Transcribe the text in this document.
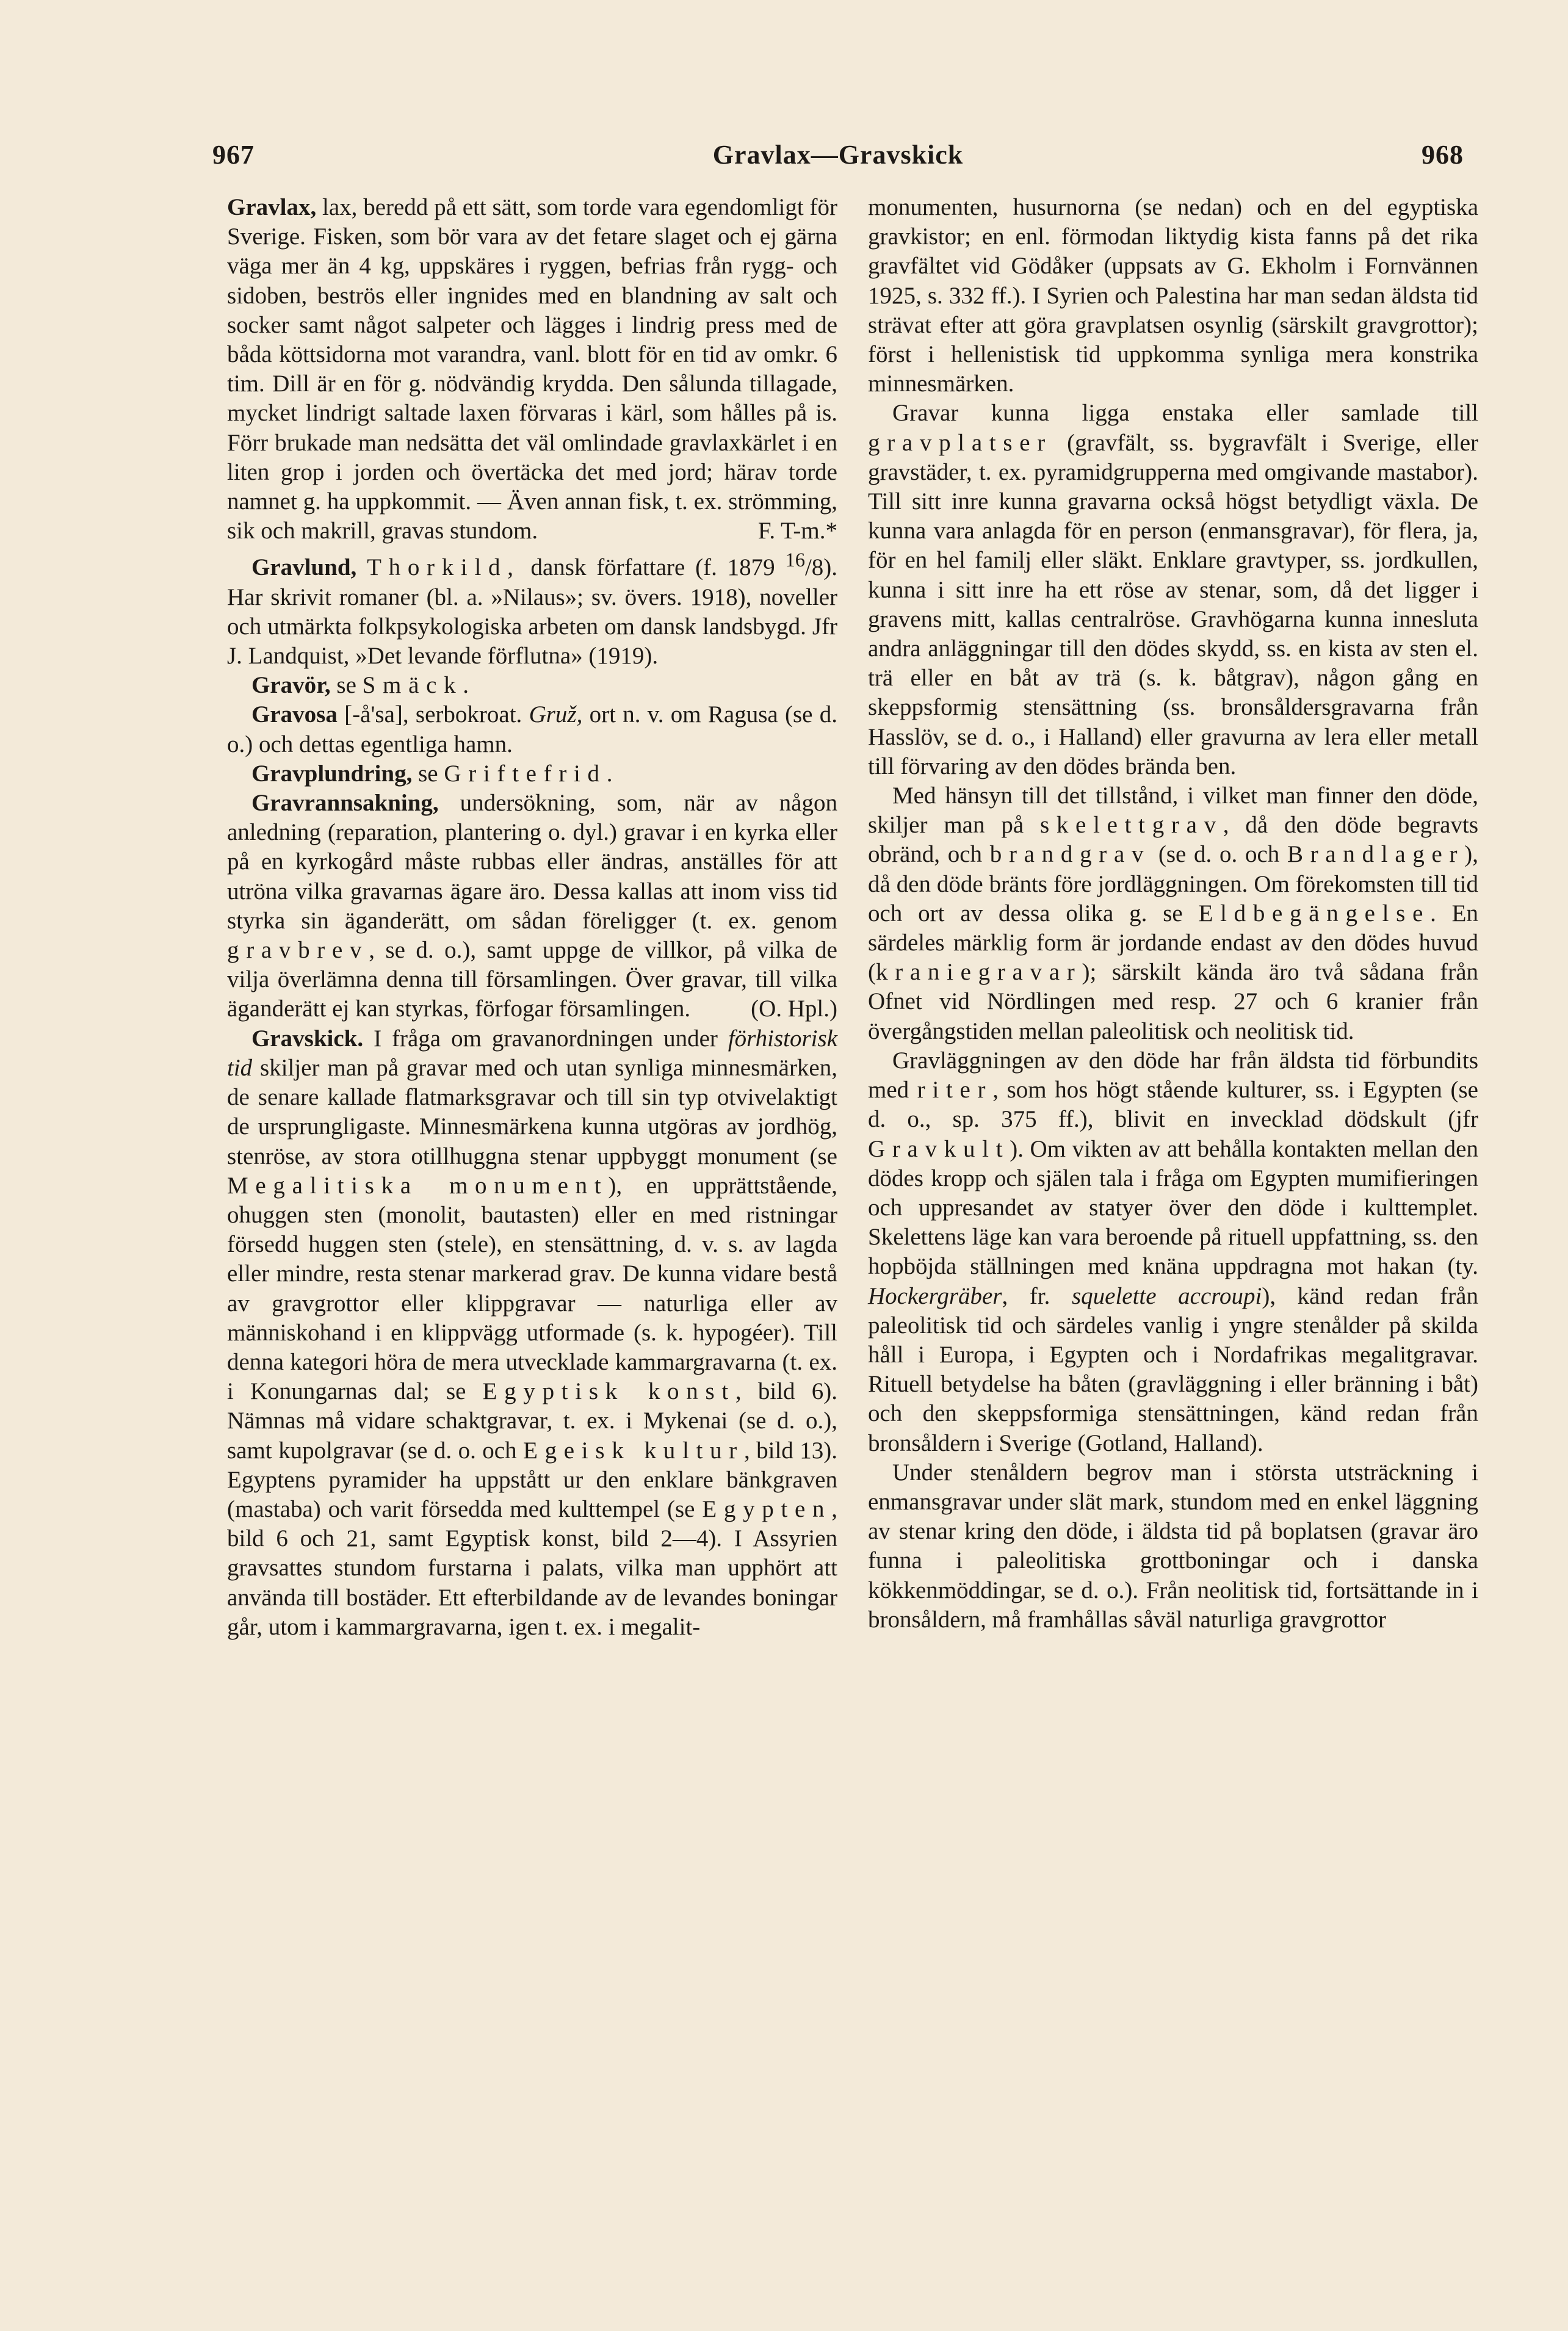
967	Gravlax—Gravskick	968

Gravlax, lax, beredd på ett sätt, som torde vara egendomligt för Sverige. Fisken, som bör vara av det fetare slaget och ej gärna väga mer än 4 kg, uppskäres i ryggen, befrias från rygg- och sidoben, beströs eller ingnides med en blandning av salt och socker samt något salpeter och lägges i lindrig press med de båda köttsidorna mot varandra, vanl. blott för en tid av omkr. 6 tim. Dill är en för g. nödvändig krydda. Den sålunda tillagade, mycket lindrigt saltade laxen förvaras i kärl, som hålles på is. Förr brukade man nedsätta det väl omlindade gravlaxkärlet i en liten grop i jorden och övertäcka det med jord; härav torde namnet g. ha uppkommit. — Även annan fisk, t. ex. strömming, sik och makrill, gravas stundom.	F. T-m.*

Gravlund, Thorkild, dansk författare (f. 1879 $^{16}$/8). Har skrivit romaner (bl. a. »Nilaus»; sv. övers. 1918), noveller och utmärkta folkpsykologiska arbeten om dansk landsbygd. Jfr J. Landquist, »Det levande förflutna» (1919).

Gravör, se Smäck.

Gravosa [-å'sa], serbokroat. Gruž, ort n. v. om Ragusa (se d. o.) och dettas egentliga hamn.

Gravplundring, se Griftefrid.

Gravrannsakning, undersökning, som, när av någon anledning (reparation, plantering o. dyl.) gravar i en kyrka eller på en kyrkogård måste rubbas eller ändras, anställes för att utröna vilka gravarnas ägare äro. Dessa kallas att inom viss tid styrka sin äganderätt, om sådan föreligger (t. ex. genom gravbrev, se d. o.), samt uppge de villkor, på vilka de vilja överlämna denna till församlingen. Över gravar, till vilka äganderätt ej kan styrkas, förfogar församlingen.	(O. Hpl.)

Gravskick. I fråga om gravanordningen under förhistorisk tid skiljer man på gravar med och utan synliga minnesmärken, de senare kallade flatmarksgravar och till sin typ otvivelaktigt de ursprungligaste. Minnesmärkena kunna utgöras av jordhög, stenröse, av stora otillhuggna stenar uppbyggt monument (se Megalitiska monument), en upprättstående, ohuggen sten (monolit, bautasten) eller en med ristningar försedd huggen sten (stele), en stensättning, d. v. s. av lagda eller mindre, resta stenar markerad grav. De kunna vidare bestå av gravgrottor eller klippgravar — naturliga eller av människohand i en klippvägg utformade (s. k. hypogéer). Till denna kategori höra de mera utvecklade kammargravarna (t. ex. i Konungarnas dal; se Egyptisk konst, bild 6). Nämnas må vidare schaktgravar, t. ex. i Mykenai (se d. o.), samt kupolgravar (se d. o. och Egeisk kultur, bild 13). Egyptens pyramider ha uppstått ur den enklare bänkgraven (mastaba) och varit försedda med kulttempel (se Egypten, bild 6 och 21, samt Egyptisk konst, bild 2—4). I Assyrien gravsattes stundom furstarna i palats, vilka man upphört att använda till bostäder. Ett efterbildande av de levandes boningar går, utom i kammargravarna, igen t. ex. i megalit-

monumenten, husurnorna (se nedan) och en del egyptiska gravkistor; en enl. förmodan liktydig kista fanns på det rika gravfältet vid Gödåker (uppsats av G. Ekholm i Fornvännen 1925, s. 332 ff.). I Syrien och Palestina har man sedan äldsta tid strävat efter att göra gravplatsen osynlig (särskilt gravgrottor); först i hellenistisk tid uppkomma synliga mera konstrika minnesmärken.

Gravar kunna ligga enstaka eller samlade till gravplatser (gravfält, ss. bygravfält i Sverige, eller gravstäder, t. ex. pyramidgrupperna med omgivande mastabor). Till sitt inre kunna gravarna också högst betydligt växla. De kunna vara anlagda för en person (enmansgravar), för flera, ja, för en hel familj eller släkt. Enklare gravtyper, ss. jordkullen, kunna i sitt inre ha ett röse av stenar, som, då det ligger i gravens mitt, kallas centralröse. Gravhögarna kunna innesluta andra anläggningar till den dödes skydd, ss. en kista av sten el. trä eller en båt av trä (s. k. båtgrav), någon gång en skeppsformig stensättning (ss. bronsåldersgravarna från Hasslöv, se d. o., i Halland) eller gravurna av lera eller metall till förvaring av den dödes brända ben.

Med hänsyn till det tillstånd, i vilket man finner den döde, skiljer man på skelettgrav, då den döde begravts obränd, och brandgrav (se d. o. och Brandlager), då den döde bränts före jordläggningen. Om förekomsten till tid och ort av dessa olika g. se Eldbegängelse. En särdeles märklig form är jordande endast av den dödes huvud (kraniegravar); särskilt kända äro två sådana från Ofnet vid Nördlingen med resp. 27 och 6 kranier från övergångstiden mellan paleolitisk och neolitisk tid.

Gravläggningen av den döde har från äldsta tid förbundits med riter, som hos högt stående kulturer, ss. i Egypten (se d. o., sp. 375 ff.), blivit en invecklad dödskult (jfr Gravkult). Om vikten av att behålla kontakten mellan den dödes kropp och själen tala i fråga om Egypten mumifieringen och uppresandet av statyer över den döde i kulttemplet. Skelettens läge kan vara beroende på rituell uppfattning, ss. den hopböjda ställningen med knäna uppdragna mot hakan (ty. Hockergräber, fr. squelette accroupi), känd redan från paleolitisk tid och särdeles vanlig i yngre stenålder på skilda håll i Europa, i Egypten och i Nordafrikas megalitgravar. Rituell betydelse ha båten (gravläggning i eller bränning i båt) och den skeppsformiga stensättningen, känd redan från bronsåldern i Sverige (Gotland, Halland).

Under stenåldern begrov man i största utsträckning i enmansgravar under slät mark, stundom med en enkel läggning av stenar kring den döde, i äldsta tid på boplatsen (gravar äro funna i paleolitiska grottboningar och i danska kökkenmöddingar, se d. o.). Från neolitisk tid, fortsättande in i bronsåldern, må framhållas såväl naturliga gravgrottor
